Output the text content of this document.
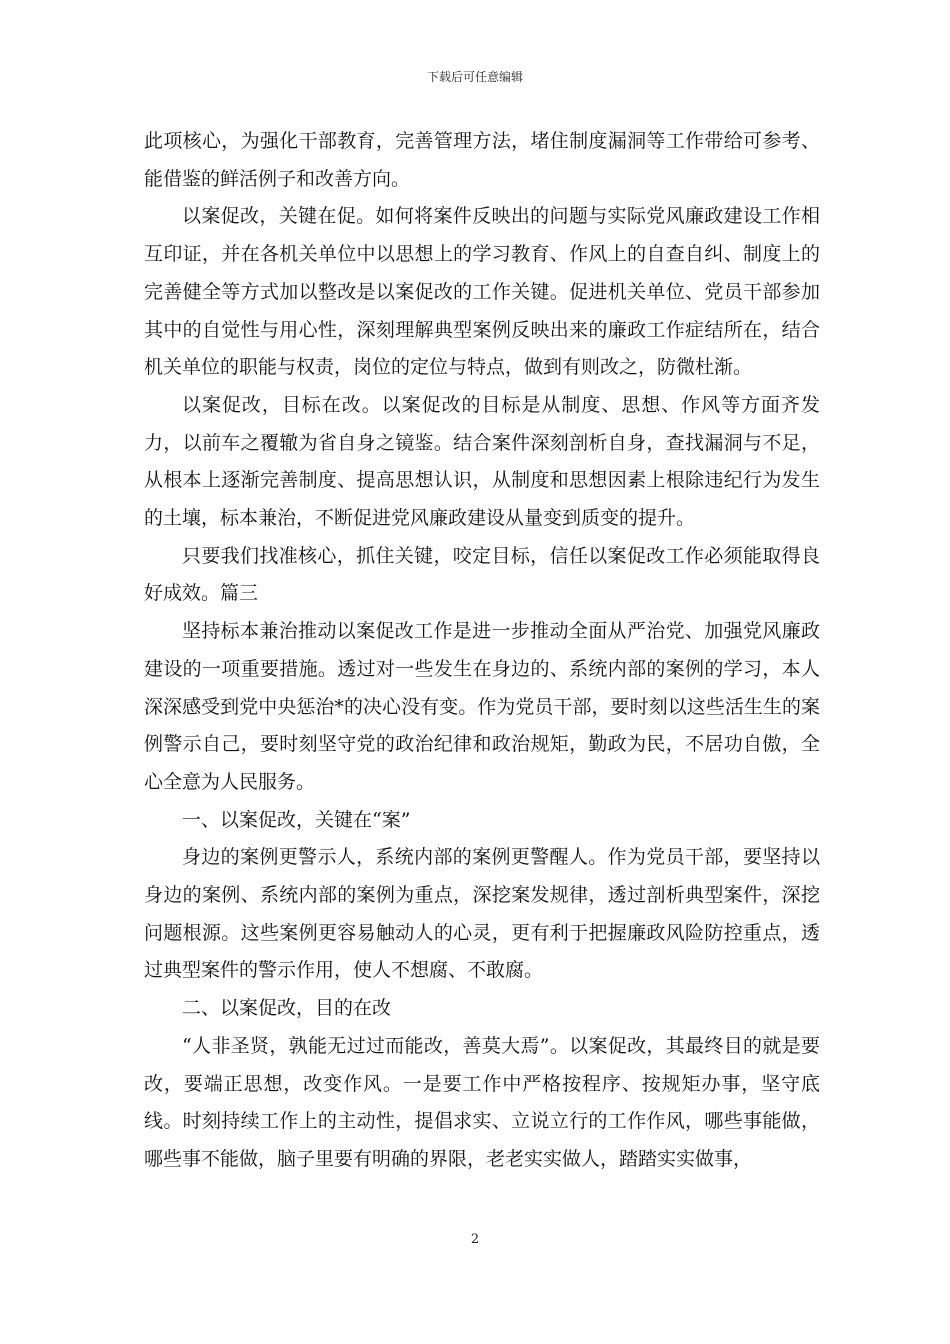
下载后可任意编辑

此项核心，为强化干部教育，完善管理方法，堵住制度漏洞等工作带给可参考、能借鉴的鲜活例子和改善方向。

以案促改，关键在促。如何将案件反映出的问题与实际党风廉政建设工作相互印证，并在各机关单位中以思想上的学习教育、作风上的自查自纠、制度上的完善健全等方式加以整改是以案促改的工作关键。促进机关单位、党员干部参加其中的自觉性与用心性，深刻理解典型案例反映出来的廉政工作症结所在，结合机关单位的职能与权责，岗位的定位与特点，做到有则改之，防微杜渐。

以案促改，目标在改。以案促改的目标是从制度、思想、作风等方面齐发力，以前车之覆辙为省自身之镜鉴。结合案件深刻剖析自身，查找漏洞与不足，从根本上逐渐完善制度、提高思想认识，从制度和思想因素上根除违纪行为发生的土壤，标本兼治，不断促进党风廉政建设从量变到质变的提升。

只要我们找准核心，抓住关键，咬定目标，信任以案促改工作必须能取得良好成效。篇三

坚持标本兼治推动以案促改工作是进一步推动全面从严治党、加强党风廉政建设的一项重要措施。透过对一些发生在身边的、系统内部的案例的学习，本人深深感受到党中央惩治*的决心没有变。作为党员干部，要时刻以这些活生生的案例警示自己，要时刻坚守党的政治纪律和政治规矩，勤政为民，不居功自傲，全心全意为人民服务。

一、以案促改，关键在“案”

身边的案例更警示人，系统内部的案例更警醒人。作为党员干部，要坚持以身边的案例、系统内部的案例为重点，深挖案发规律，透过剖析典型案件，深挖问题根源。这些案例更容易触动人的心灵，更有利于把握廉政风险防控重点，透过典型案件的警示作用，使人不想腐、不敢腐。

二、以案促改，目的在改

“人非圣贤，孰能无过过而能改，善莫大焉”。以案促改，其最终目的就是要改，要端正思想，改变作风。一是要工作中严格按程序、按规矩办事，坚守底线。时刻持续工作上的主动性，提倡求实、立说立行的工作作风，哪些事能做，哪些事不能做，脑子里要有明确的界限，老老实实做人，踏踏实实做事，

2
